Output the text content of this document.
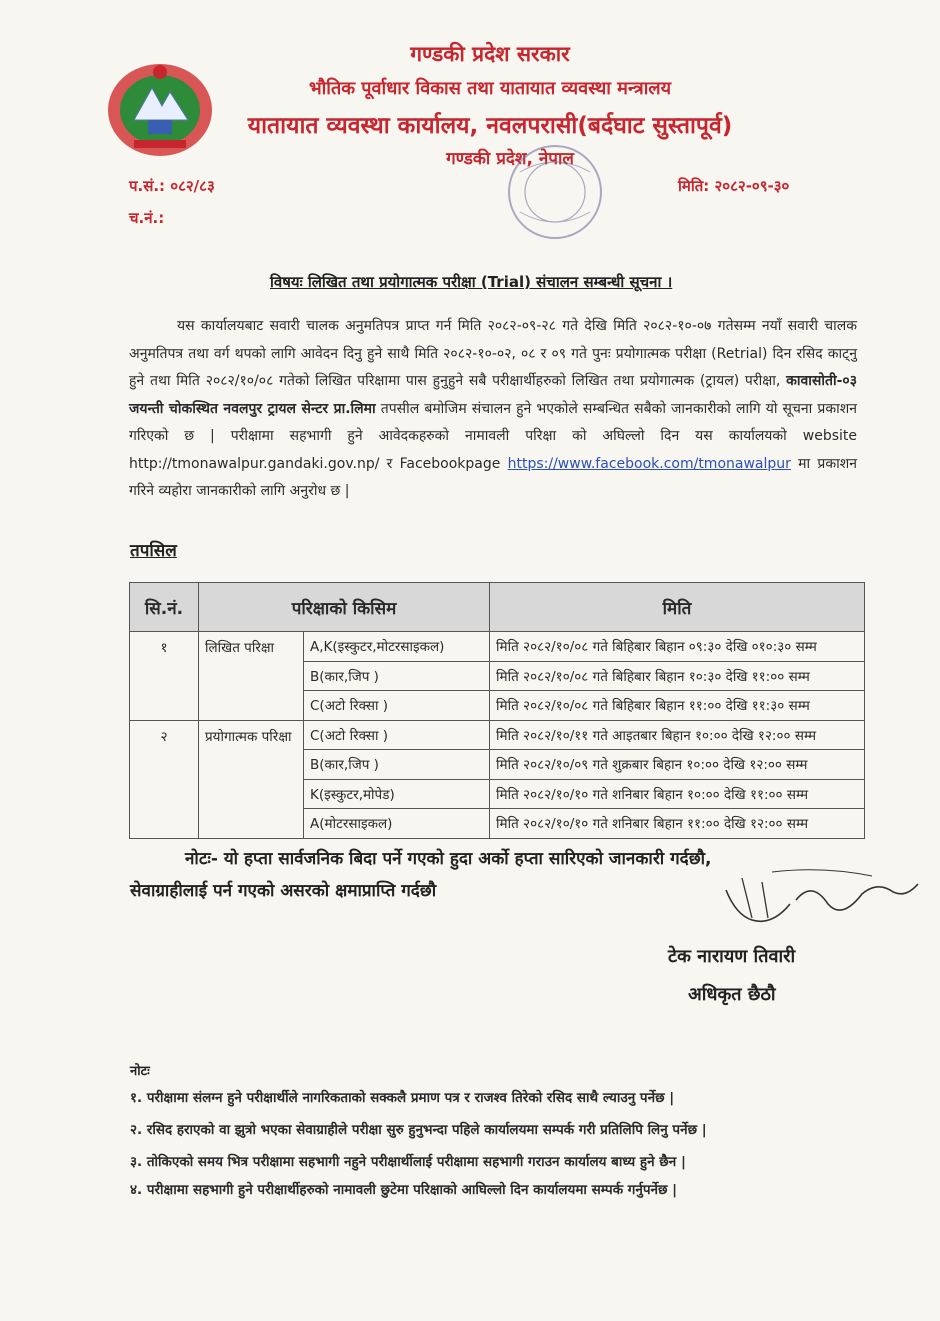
गण्डकी प्रदेश सरकार
भौतिक पूर्वाधार विकास तथा यातायात व्यवस्था मन्त्रालय
यातायात व्यवस्था कार्यालय, नवलपरासी(बर्दघाट सुस्तापूर्व)
गण्डकी प्रदेश, नेपाल
प.सं.: ०८२/८३
च.नं.:
मिति: २०८२-०९-३०
विषयः लिखित तथा प्रयोगात्मक परीक्षा (Trial) संचालन सम्बन्धी सूचना ।
यस कार्यालयबाट सवारी चालक अनुमतिपत्र प्राप्त गर्न मिति २०८२-०९-२८ गते देखि मिति २०८२-१०-०७ गतेसम्म नयाँ सवारी चालक अनुमतिपत्र तथा वर्ग थपको लागि आवेदन दिनु हुने साथै मिति २०८२-१०-०२, ०८ र ०९ गते पुनः प्रयोगात्मक परीक्षा (Retrial) दिन रसिद काट्नु हुने तथा मिति २०८२/१०/०८ गतेको लिखित परिक्षामा पास हुनुहुने सबै परीक्षार्थीहरुको लिखित तथा प्रयोगात्मक (ट्रायल) परीक्षा, कावासोती-०३ जयन्ती चोकस्थित नवलपुर ट्रायल सेन्टर प्रा.लिमा तपसील बमोजिम संचालन हुने भएकोले सम्बन्धित सबैको जानकारीको लागि यो सूचना प्रकाशन गरिएको छ | परीक्षामा सहभागी हुने आवेदकहरुको नामावली परिक्षा को अघिल्लो दिन यस कार्यालयको website http://tmonawalpur.gandaki.gov.np/ र Facebookpage https://www.facebook.com/tmonawalpur मा प्रकाशन गरिने व्यहोरा जानकारीको लागि अनुरोध छ |
तपसिल
सि.नं.	परिक्षाको किसिम		मिति
१	लिखित परिक्षा	A,K(इस्कुटर,मोटरसाइकल)	मिति २०८२/१०/०८ गते बिहिबार बिहान ०९:३० देखि ०१०:३० सम्म
		B(कार,जिप )	मिति २०८२/१०/०८ गते बिहिबार बिहान १०:३० देखि ११:०० सम्म
		C(अटो रिक्सा )	मिति २०८२/१०/०८ गते बिहिबार बिहान ११:०० देखि ११:३० सम्म
२	प्रयोगात्मक परिक्षा	C(अटो रिक्सा )	मिति २०८२/१०/११ गते आइतबार बिहान १०:०० देखि १२:०० सम्म
		B(कार,जिप )	मिति २०८२/१०/०९ गते शुक्रबार बिहान १०:०० देखि १२:०० सम्म
		K(इस्कुटर,मोपेड)	मिति २०८२/१०/१० गते शनिबार बिहान १०:०० देखि ११:०० सम्म
		A(मोटरसाइकल)	मिति २०८२/१०/१० गते शनिबार बिहान ११:०० देखि १२:०० सम्म
नोटः- यो हप्ता सार्वजनिक बिदा पर्ने गएको हुदा अर्को हप्ता सारिएको जानकारी गर्दछौ,
सेवाग्राहीलाई पर्न गएको असरको क्षमाप्राप्ति गर्दछौ
टेक नारायण तिवारी
अधिकृत छैठौ
नोटः
१. परीक्षामा संलग्न हुने परीक्षार्थीले नागरिकताको सक्कलै प्रमाण पत्र र राजश्व तिरेको रसिद साथै ल्याउनु पर्नेछ |
२. रसिद हराएको वा झुत्रो भएका सेवाग्राहीले परीक्षा सुरु हुनुभन्दा पहिले कार्यालयमा सम्पर्क गरी प्रतिलिपि लिनु पर्नेछ |
३. तोकिएको समय भित्र परीक्षामा सहभागी नहुने परीक्षार्थीलाई परीक्षामा सहभागी गराउन कार्यालय बाध्य हुने छैन |
४. परीक्षामा सहभागी हुने परीक्षार्थीहरुको नामावली छुटेमा परिक्षाको आघिल्लो दिन कार्यालयमा सम्पर्क गर्नुपर्नेछ |
